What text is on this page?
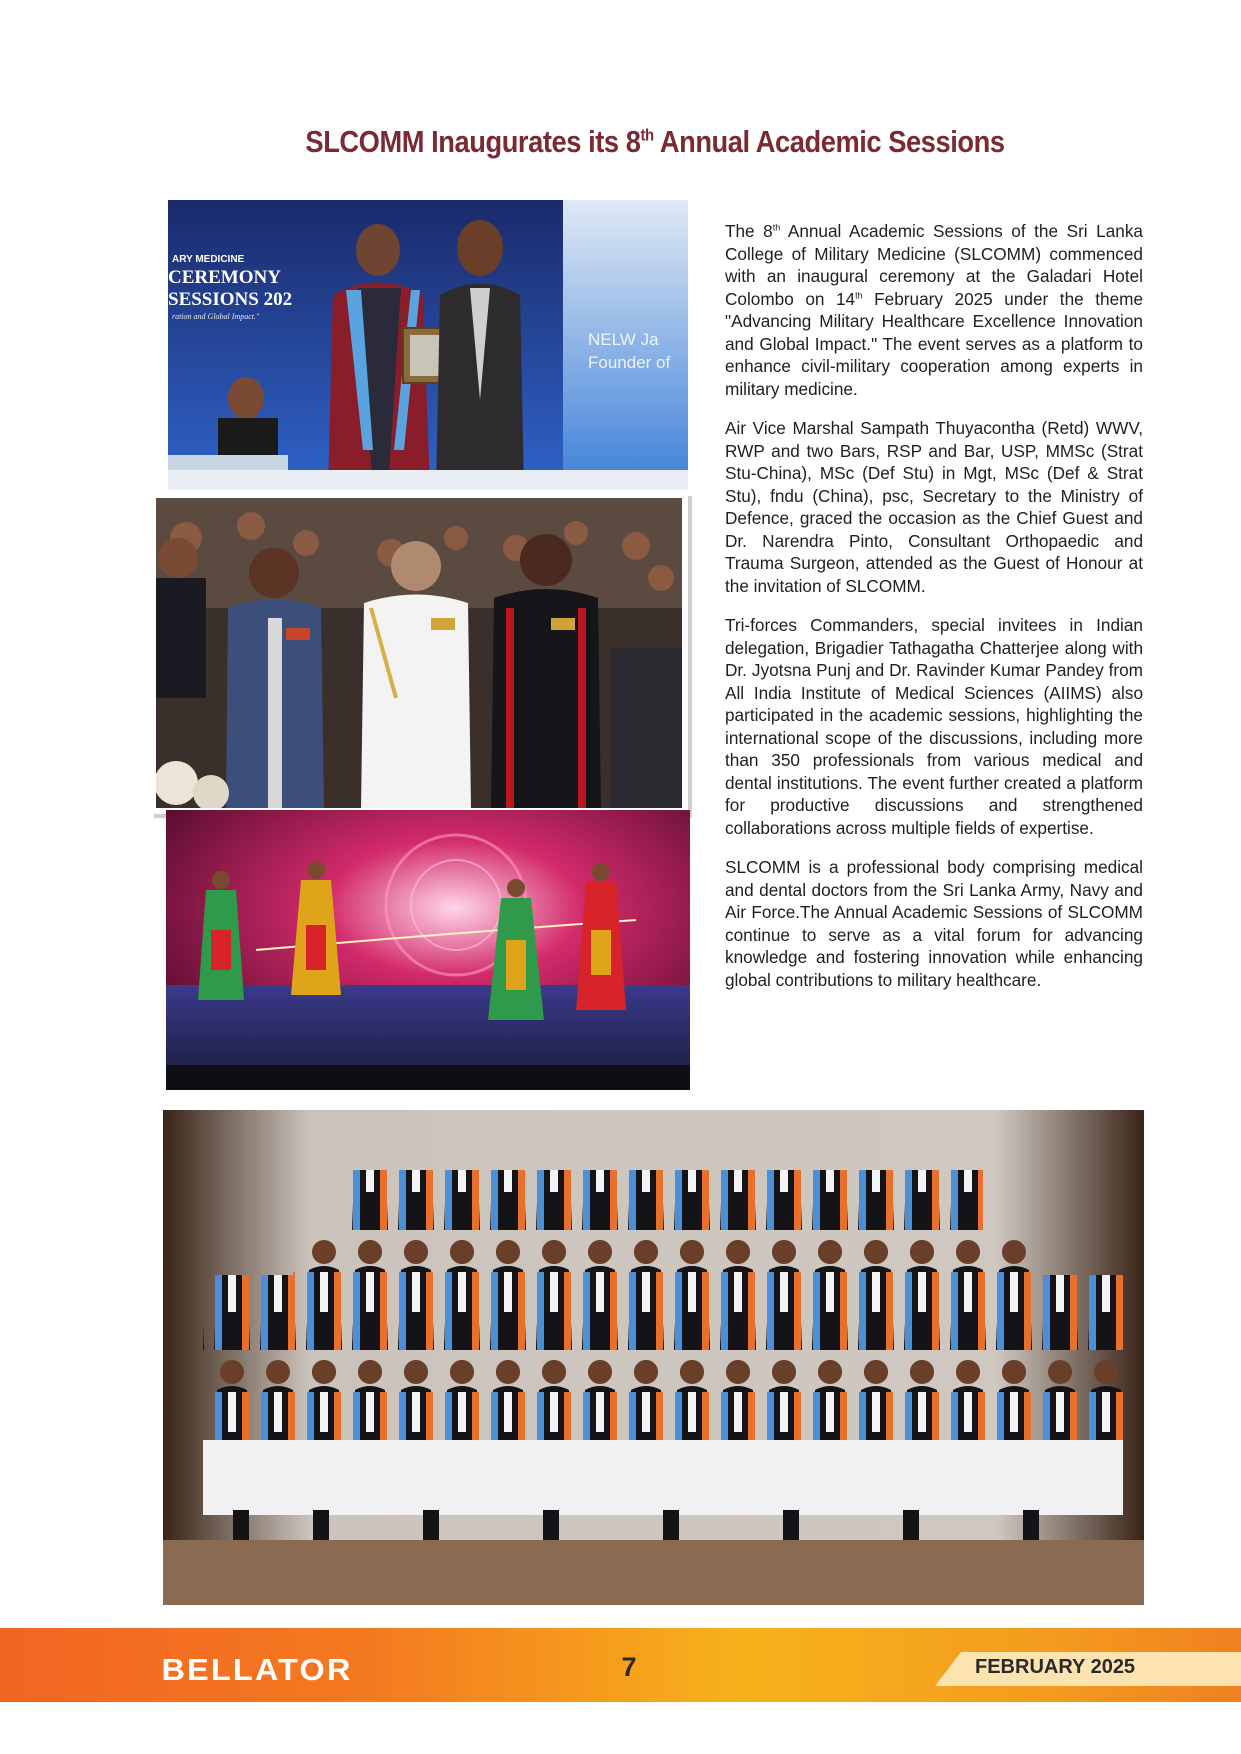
SLCOMM Inaugurates its 8th Annual Academic Sessions
ARY MEDICINE
CEREMONY
SESSIONS 202
ration and Global Impact."
NELW Ja
Founder of

The 8th Annual Academic Sessions of the Sri Lanka College of Military Medicine (SLCOMM) commenced with an inaugural ceremony at the Galadari Hotel Colombo on 14th February 2025 under the theme "Advancing Military Healthcare Excellence Innovation and Global Impact." The event serves as a platform to enhance civil-military cooperation among experts in military medicine.

Air Vice Marshal Sampath Thuyacontha (Retd) WWV, RWP and two Bars, RSP and Bar, USP, MMSc (Strat Stu-China), MSc (Def Stu) in Mgt, MSc (Def & Strat Stu), fndu (China), psc, Secretary to the Ministry of Defence, graced the occasion as the Chief Guest and Dr. Narendra Pinto, Consultant Orthopaedic and Trauma Surgeon, attended as the Guest of Honour at the invitation of SLCOMM.

Tri-forces Commanders, special invitees in Indian delegation, Brigadier Tathagatha Chatterjee along with Dr. Jyotsna Punj and Dr. Ravinder Kumar Pandey from All India Institute of Medical Sciences (AIIMS) also participated in the academic sessions, highlighting the international scope of the discussions, including more than 350 professionals from various medical and dental institutions. The event further created a platform for productive discussions and strengthened collaborations across multiple fields of expertise.

SLCOMM is a professional body comprising medical and dental doctors from the Sri Lanka Army, Navy and Air Force.The Annual Academic Sessions of SLCOMM continue to serve as a vital forum for advancing knowledge and fostering innovation while enhancing global contributions to military healthcare.

BELLATOR	7	FEBRUARY 2025
